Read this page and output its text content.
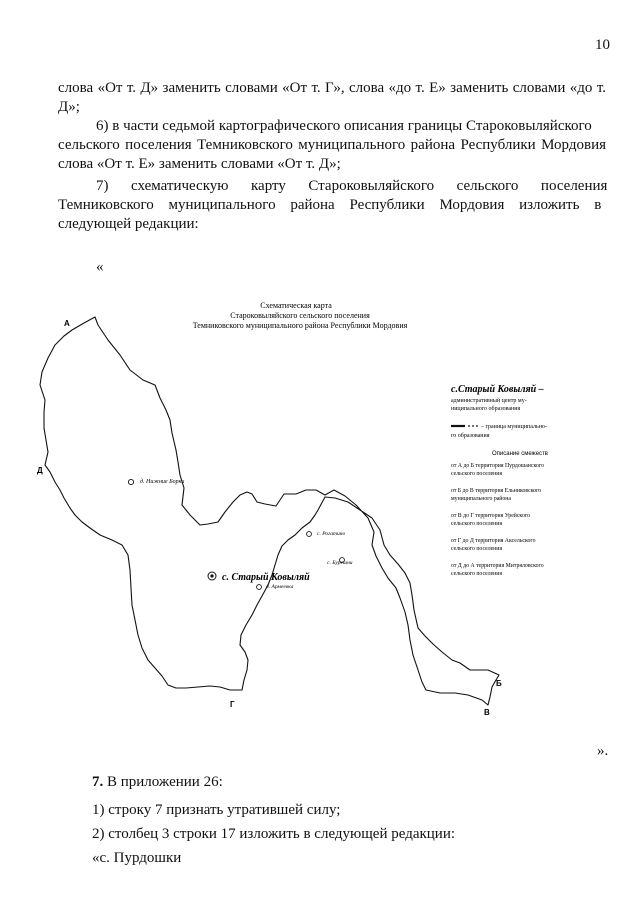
10
слова «От т. Д» заменить словами «От т. Г», слова «до т. Е» заменить словами «до т.
Д»;
6) в части седьмой картографического описания границы Староковыляйского
сельского поселения Темниковского муниципального района Республики Мордовия
слова «От т. Е» заменить словами «От т. Д»;
7)      схематическую      карту      Староковыляйского      сельского      поселения
Темниковского муниципального района Республики Мордовия изложить в
следующей редакции:
«
Схематическая карта
Староковыляйского сельского поселения
Темниковского муниципального района Республики Мордовия
А
Д
Б
В
Г
д. Нижние Борки
с. Рогатино
с. Бурешни
с. Старый Ковыляй
д. Армеевка
с.Старый Ковыляй –
административный центр му-
ниципального образования
– граница муниципально-
го образования
Описание смежеств
от А до Б территория Пурдошанского
сельского поселения
от Б до В территория Ельниковского
муниципального района
от В до Г территория Урейского
сельского поселения
от Г до Д территория Аксельского
сельского поселения
от Д до А территория Митряловского
сельского поселения
».
7. В приложении 26:
1) строку 7 признать утратившей силу;
2) столбец 3 строки 17 изложить в следующей редакции:
«с. Пурдошки
